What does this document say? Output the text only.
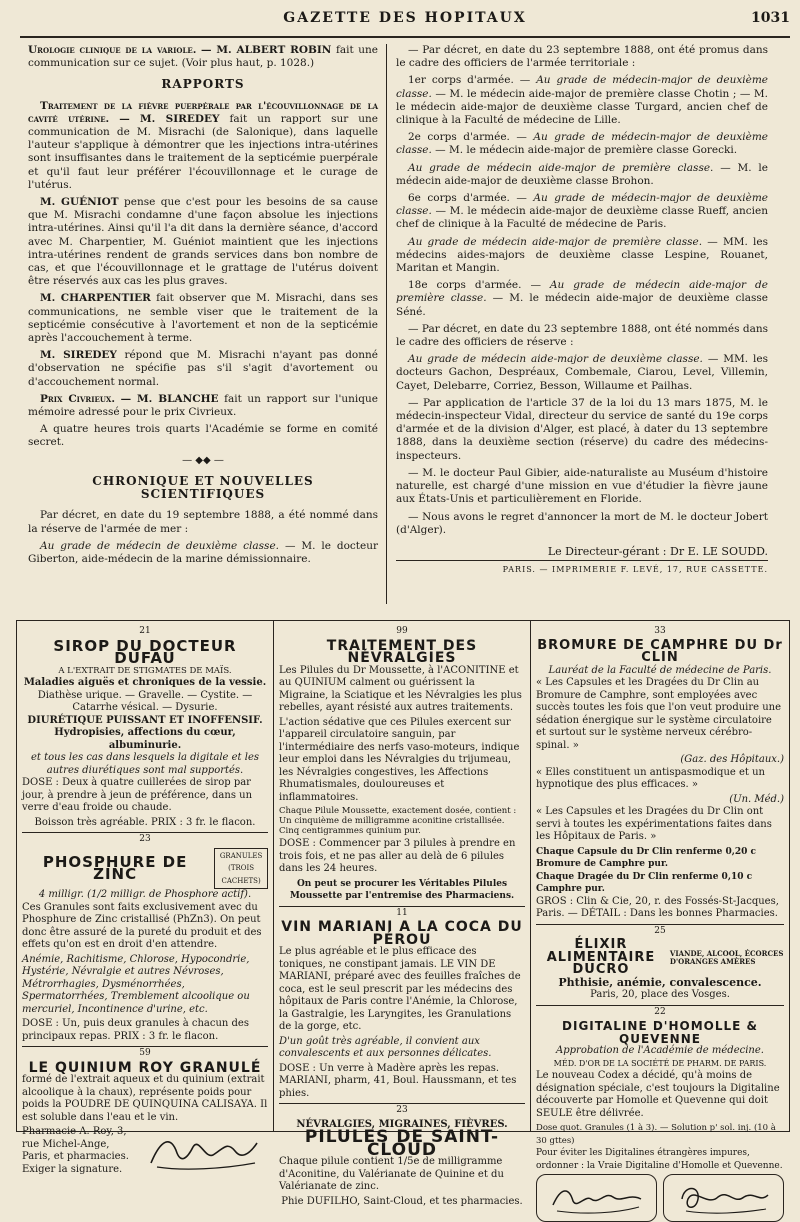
GAZETTE DES HOPITAUX	1031

Urologie clinique de la variole. — M. ALBERT ROBIN fait une communication sur ce sujet. (Voir plus haut, p. 1028.)

RAPPORTS

Traitement de la fièvre puerpérale par l'écouvillonnage de la cavité utérine. — M. SIREDEY fait un rapport sur une communication de M. Misrachi (de Salonique), dans laquelle l'auteur s'applique à démontrer que les injections intra-utérines sont insuffisantes dans le traitement de la septicémie puerpérale et qu'il faut leur préférer l'écouvillonnage et le curage de l'utérus.

M. GUÉNIOT pense que c'est pour les besoins de sa cause que M. Misrachi condamne d'une façon absolue les injections intra-utérines. Ainsi qu'il l'a dit dans la dernière séance, d'accord avec M. Charpentier, M. Guéniot maintient que les injections intra-utérines rendent de grands services dans bon nombre de cas, et que l'écouvillonnage et le grattage de l'utérus doivent être réservés aux cas les plus graves.

M. CHARPENTIER fait observer que M. Misrachi, dans ses communications, ne semble viser que le traitement de la septicémie consécutive à l'avortement et non de la septicémie après l'accouchement à terme.

M. SIREDEY répond que M. Misrachi n'ayant pas donné d'observation ne spécifie pas s'il s'agit d'avortement ou d'accouchement normal.

Prix Civrieux. — M. BLANCHE fait un rapport sur l'unique mémoire adressé pour le prix Civrieux.

A quatre heures trois quarts l'Académie se forme en comité secret.

— ◆◆ —
CHRONIQUE ET NOUVELLES SCIENTIFIQUES

Par décret, en date du 19 septembre 1888, a été nommé dans la réserve de l'armée de mer :

Au grade de médecin de deuxième classe. — M. le docteur Giberton, aide-médecin de la marine démissionnaire.

— Par décret, en date du 23 septembre 1888, ont été promus dans le cadre des officiers de l'armée territoriale :

1er corps d'armée. — Au grade de médecin-major de deuxième classe. — M. le médecin aide-major de première classe Chotin ; — M. le médecin aide-major de deuxième classe Turgard, ancien chef de clinique à la Faculté de médecine de Lille.

2e corps d'armée. — Au grade de médecin-major de deuxième classe. — M. le médecin aide-major de première classe Gorecki.

Au grade de médecin aide-major de première classe. — M. le médecin aide-major de deuxième classe Brohon.

6e corps d'armée. — Au grade de médecin-major de deuxième classe. — M. le médecin aide-major de deuxième classe Rueff, ancien chef de clinique à la Faculté de médecine de Paris.

Au grade de médecin aide-major de première classe. — MM. les médecins aides-majors de deuxième classe Lespine, Rouanet, Maritan et Mangin.

18e corps d'armée. — Au grade de médecin aide-major de première classe. — M. le médecin aide-major de deuxième classe Séné.

— Par décret, en date du 23 septembre 1888, ont été nommés dans le cadre des officiers de réserve :

Au grade de médecin aide-major de deuxième classe. — MM. les docteurs Gachon, Despréaux, Combemale, Ciarou, Level, Villemin, Cayet, Delebarre, Corriez, Besson, Willaume et Pailhas.

— Par application de l'article 37 de la loi du 13 mars 1875, M. le médecin-inspecteur Vidal, directeur du service de santé du 19e corps d'armée et de la division d'Alger, est placé, à dater du 13 septembre 1888, dans la deuxième section (réserve) du cadre des médecins-inspecteurs.

— M. le docteur Paul Gibier, aide-naturaliste au Muséum d'histoire naturelle, est chargé d'une mission en vue d'étudier la fièvre jaune aux États-Unis et particulièrement en Floride.

— Nous avons le regret d'annoncer la mort de M. le docteur Jobert (d'Alger).

Le Directeur-gérant : Dr E. LE SOUDD.
PARIS. — IMPRIMERIE F. LEVÉ, 17, RUE CASSETTE.
21
SIROP DU DOCTEUR DUFAU
A L'EXTRAIT DE STIGMATES DE MAÏS.
Maladies aiguës et chroniques de la vessie.
Diathèse urique. — Gravelle. — Cystite. — Catarrhe vésical. — Dysurie.
DIURÉTIQUE PUISSANT ET INOFFENSIF.
Hydropisies, affections du cœur, albuminurie.
et tous les cas dans lesquels la digitale et les autres diurétiques sont mal supportés.

DOSE : Deux à quatre cuillerées de sirop par jour, à prendre à jeun de préférence, dans un verre d'eau froide ou chaude.

Boisson très agréable. PRIX : 3 fr. le flacon.
23
PHOSPHURE DE ZINC
GRANULES (TROIS CACHETS)
4 milligr. (1/2 milligr. de Phosphore actif).

Ces Granules sont faits exclusivement avec du Phosphure de Zinc cristallisé (PhZn3). On peut donc être assuré de la pureté du produit et des effets qu'on est en droit d'en attendre.

Anémie, Rachitisme, Chlorose, Hypocondrie, Hystérie, Névralgie et autres Névroses, Métrorrhagies, Dysménorrhées, Spermatorrhées, Tremblement alcoolique ou mercuriel, Incontinence d'urine, etc.

DOSE : Un, puis deux granules à chacun des principaux repas. PRIX : 3 fr. le flacon.

59
LE QUINIUM ROY GRANULÉ

formé de l'extrait aqueux et du quinium (extrait alcoolique à la chaux), représente poids pour poids la POUDRE DE QUINQUINA CALISAYA. Il est soluble dans l'eau et le vin.

Pharmacie A. Roy, 3, rue Michel-Ange, Paris, et pharmacies. Exiger la signature.
99
TRAITEMENT DES NÉVRALGIES

Les Pilules du Dr Moussette, à l'ACONITINE et au QUINIUM calment ou guérissent la Migraine, la Sciatique et les Névralgies les plus rebelles, ayant résisté aux autres traitements.

L'action sédative que ces Pilules exercent sur l'appareil circulatoire sanguin, par l'intermédiaire des nerfs vaso-moteurs, indique leur emploi dans les Névralgies du trijumeau, les Névralgies congestives, les Affections Rhumatismales, douloureuses et inflammatoires.

Chaque Pilule Moussette, exactement dosée, contient : Un cinquième de milligramme aconitine cristallisée. Cinq centigrammes quinium pur.

DOSE : Commencer par 3 pilules à prendre en trois fois, et ne pas aller au delà de 6 pilules dans les 24 heures.

On peut se procurer les Véritables Pilules Moussette par l'entremise des Pharmaciens.
11
VIN MARIANI A LA COCA DU PÉROU

Le plus agréable et le plus efficace des toniques, ne constipant jamais. LE VIN DE MARIANI, préparé avec des feuilles fraîches de coca, est le seul prescrit par les médecins des hôpitaux de Paris contre l'Anémie, la Chlorose, la Gastralgie, les Laryngites, les Granulations de la gorge, etc.

D'un goût très agréable, il convient aux convalescents et aux personnes délicates.

DOSE : Un verre à Madère après les repas. MARIANI, pharm, 41, Boul. Haussmann, et tes phies.

23
NÉVRALGIES, MIGRAINES, FIÈVRES.
PILULES DE SAINT-CLOUD

Chaque pilule contient 1/5e de milligramme d'Aconitine, du Valérianate de Quinine et du Valérianate de zinc.

Phie DUFILHO, Saint-Cloud, et tes pharmacies.
33
BROMURE DE CAMPHRE DU Dr CLIN
Lauréat de la Faculté de médecine de Paris.

« Les Capsules et les Dragées du Dr Clin au Bromure de Camphre, sont employées avec succès toutes les fois que l'on veut produire une sédation énergique sur le système circulatoire et surtout sur le système nerveux cérébro-spinal. »

(Gaz. des Hôpitaux.)

« Elles constituent un antispasmodique et un hypnotique des plus efficaces. »

(Un. Méd.)

« Les Capsules et les Dragées du Dr Clin ont servi à toutes les expérimentations faites dans les Hôpitaux de Paris. »

Chaque Capsule du Dr Clin renferme 0,20 c Bromure de Camphre pur.
Chaque Dragée du Dr Clin renferme 0,10 c Camphre pur.

GROS : Clin & Cie, 20, r. des Fossés-St-Jacques, Paris. — DÉTAIL : Dans les bonnes Pharmacies.

25
ÉLIXIR ALIMENTAIRE DUCRO
VIANDE, ALCOOL, ÉCORCES D'ORANGES AMÈRES
Phthisie, anémie, convalescence.
Paris, 20, place des Vosges.
22
DIGITALINE D'HOMOLLE & QUEVENNE
Approbation de l'Académie de médecine.
MÉD. D'OR DE LA SOCIÉTÉ DE PHARM. DE PARIS.

Le nouveau Codex a décidé, qu'à moins de désignation spéciale, c'est toujours la Digitaline découverte par Homolle et Quevenne qui doit SEULE être délivrée.

Dose quot. Granules (1 à 3). — Solution p' sol. inj. (10 à 30 gttes)

Pour éviter les Digitalines étrangères impures, ordonner : la Vraie Digitaline d'Homolle et Quevenne.
